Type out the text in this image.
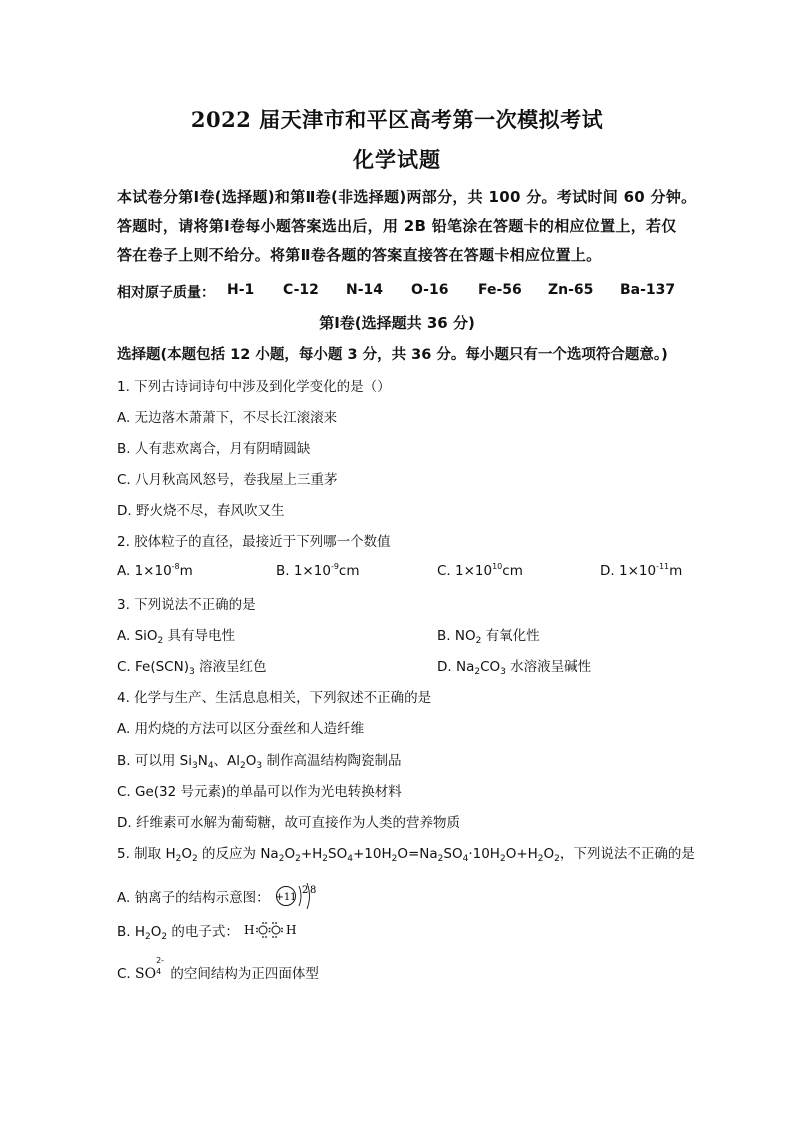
2022 届天津市和平区高考第一次模拟考试
化学试题
本试卷分第Ⅰ卷(选择题)和第Ⅱ卷(非选择题)两部分，共 100 分。考试时间 60 分钟。
答题时，请将第Ⅰ卷每小题答案选出后，用 2B 铅笔涂在答题卡的相应位置上，若仅
答在卷子上则不给分。将第Ⅱ卷各题的答案直接答在答题卡相应位置上。
相对原子质量： H-1 C-12 N-14 O-16 Fe-56 Zn-65 Ba-137
第Ⅰ卷(选择题共 36 分)
选择题(本题包括 12 小题，每小题 3 分，共 36 分。每小题只有一个选项符合题意。)
1. 下列古诗词诗句中涉及到化学变化的是（）
A. 无边落木萧萧下，不尽长江滚滚来
B. 人有悲欢离合，月有阴晴圆缺
C. 八月秋高风怒号，卷我屋上三重茅
D. 野火烧不尽，春风吹又生
2. 胶体粒子的直径，最接近于下列哪一个数值
A. $1\times 10^{-8}m$	B. $1\times 10^{-9}cm$	C. $1\times 10^{10}cm$	D. $1\times 10^{-11}m$
3. 下列说法不正确的是
A. SiO$_2$ 具有导电性	B. $NO_2$ 有氧化性
C. $Fe(SCN)_3$ 溶液呈红色	D. $Na_2CO_3$ 水溶液呈碱性
4. 化学与生产、生活息息相关，下列叙述不正确的是
A. 用灼烧的方法可以区分蚕丝和人造纤维
B. 可以用 $Si_3N_4$、$Al_2O_3$ 制作高温结构陶瓷制品
C. Ge(32 号元素)的单晶可以作为光电转换材料
D. 纤维素可水解为葡萄糖，故可直接作为人类的营养物质
5. 制取 $H_2O_2$ 的反应为 $Na_2O_2+H_2SO_4+10H_2O=Na_2SO_4\cdot 10H_2O+H_2O_2$，下列说法不正确的是
A. 钠离子的结构示意图： +11
2 8
B. $H_2O_2$ 的电子式： H	H
C. SO
2-
4 的空间结构为正四面体型
